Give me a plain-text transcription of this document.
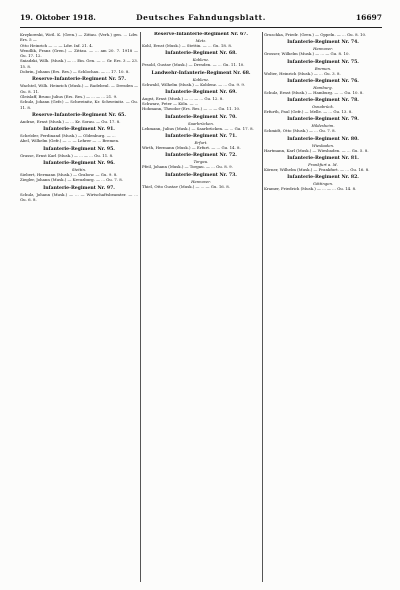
19. Oktober 1918.	Deutsches Fahndungsblatt.	16697
Krzykowski, Wotl. K. (Gren.) — Zittau. (Verh.) gen. ... Ldw. Ers. 5 —
Otto Heinrich — ... — Ldw. Inf. 21. 4.
Wendlik, Franz (Gren.) — Zittau. — ... am 20. 7. 1918 — Gu. 17. 12.
Sniadzki, Wilh. (Musk.) — ... Ein. Gen. — ... Gr. Ers. 3 — 23. 15. 8.
Dobrin, Johann (Ers. Res.) — Schlochau. — ... 17. 10. 8.
Reserve-Infanterie-Regiment Nr. 57.
Wachtel, Wilh. Heinrich (Musk.) — Radebeul. — Dresden — Gu. 8. 11.
Gleislaff, Bruno Julius (Ers. Res.) — ... — ... 21. 9.
Schulz, Johann (Gefr.) — Schweinitz, Kr. Schweinitz. — Gu. 11. 8.
Reserve-Infanterie-Regiment Nr. 65.
Andrae, Ernst (Musk.) — ... Kr. Sorau. — Gu. 17. 8.
Infanterie-Regiment Nr. 91.
Schröder, Ferdinand (Musk.) — Oldenburg. — ...
Abel, Wilhelm (Gefr.) — ... — Lehrer — ... Bremen.
Infanterie-Regiment Nr. 95.
Grasse, Ernst Karl (Musk.) — ... — ... Gu. 11. 8.
Infanterie-Regiment Nr. 96.
Stettin.
Siebert, Hermann (Musk.) — Grabow. — Gu. 9. 8.
Ziegler, Johann (Musk.) — Kreuzburg. — ... Gu. 7. 8.
Infanterie-Regiment Nr. 97.
Schulz, Johann (Musk.) — ... — Wirtschaftsbeamter. — ... Gu. 6. 8.
Reserve-Infanterie-Regiment Nr. 67.
Metz.
Kohl, Ernst (Musk.) — Stettin. — ... Gu. 18. 8.
Infanterie-Regiment Nr. 68.
Koblenz.
Pesold, Gustav (Musk.) — Dresden. — ... Gu. 11. 10.
Landwehr-Infanterie-Regiment Nr. 68.
Koblenz.
Schwabl, Wilhelm (Musk.) — Koblenz. — ... Gu. 9. 9.
Infanterie-Regiment Nr. 69.
Augst, Ernst (Musk.) — ... — ... Gu. 12. 8.
Schwarz, Peter — Köln. — ...
Hohmann, Theodor (Ers. Res.) — ... — Gu. 11. 10.
Infanterie-Regiment Nr. 70.
Saarbrücken.
Lehmann, Julius (Musk.) — Saarbrücken. — ... Gu. 17. 8.
Infanterie-Regiment Nr. 71.
Erfurt.
Wirth, Hermann (Musk.) — Erfurt. — ... Gu. 14. 8.
Infanterie-Regiment Nr. 72.
Torgau.
Pfeil, Johann (Musk.) — Torgau. — ... Gu. 8. 9.
Infanterie-Regiment Nr. 73.
Hannover.
Thiel, Otto Gustav (Musk.) — ... — Gu. 16. 8.
Gruschka, Friedr. (Gren.) — Oppeln. — ... Gu. 8. 10.
Infanterie-Regiment Nr. 74.
Hannover.
Grosser, Wilhelm (Musk.) — ... — Gu. 8. 10.
Infanterie-Regiment Nr. 75.
Bremen.
Wolter, Heinrich (Musk.) — ... Gu. 3. 8.
Infanterie-Regiment Nr. 76.
Hamburg.
Schulz, Ernst (Musk.) — Hamburg. — ... Gu. 10. 8.
Infanterie-Regiment Nr. 78.
Osnabrück.
Erfurth, Paul (Gefr.) — Melle. — ... Gu. 13. 8.
Infanterie-Regiment Nr. 79.
Hildesheim.
Schmidt, Otto (Musk.) — ... Gu. 7. 8.
Infanterie-Regiment Nr. 80.
Wiesbaden.
Hartmann, Karl (Musk.) — Wiesbaden. — ... Gu. 5. 8.
Infanterie-Regiment Nr. 81.
Frankfurt a. M.
Körner, Wilhelm (Musk.) — Frankfurt. — ... Gu. 16. 8.
Infanterie-Regiment Nr. 82.
Göttingen.
Kramer, Friedrich (Musk.) — ... — ... Gu. 14. 8.
